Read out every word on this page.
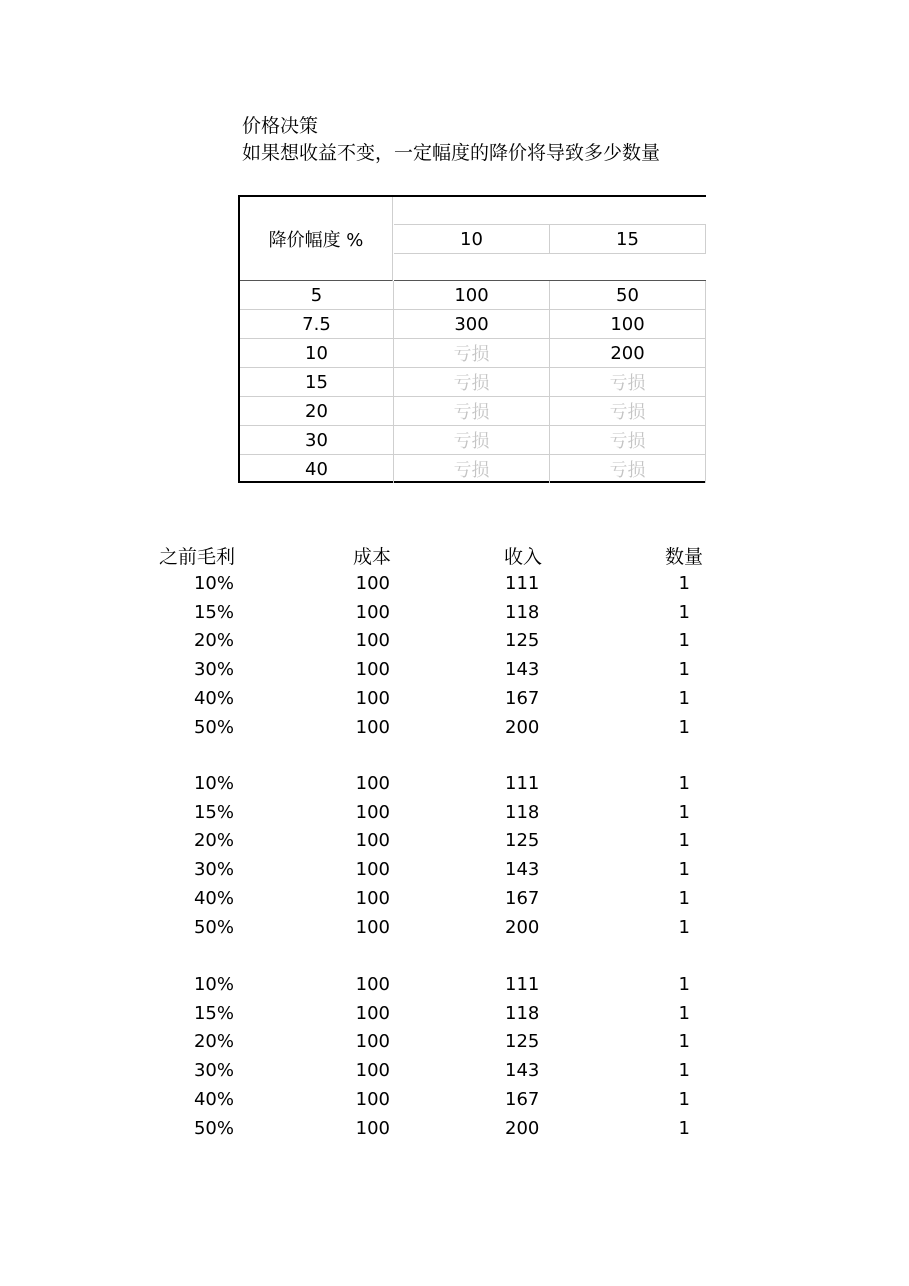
价格决策

如果想收益不变，一定幅度的降价将导致多少数量

降价幅度 %	10	15
5	100	50
7.5	300	100
10	亏损	200
15	亏损	亏损
20	亏损	亏损
30	亏损	亏损
40	亏损	亏损
之前毛利	成本	收入	数量
10%	100	111	1
15%	100	118	1
20%	100	125	1
30%	100	143	1
40%	100	167	1
50%	100	200	1
10%	100	111	1
15%	100	118	1
20%	100	125	1
30%	100	143	1
40%	100	167	1
50%	100	200	1
10%	100	111	1
15%	100	118	1
20%	100	125	1
30%	100	143	1
40%	100	167	1
50%	100	200	1
